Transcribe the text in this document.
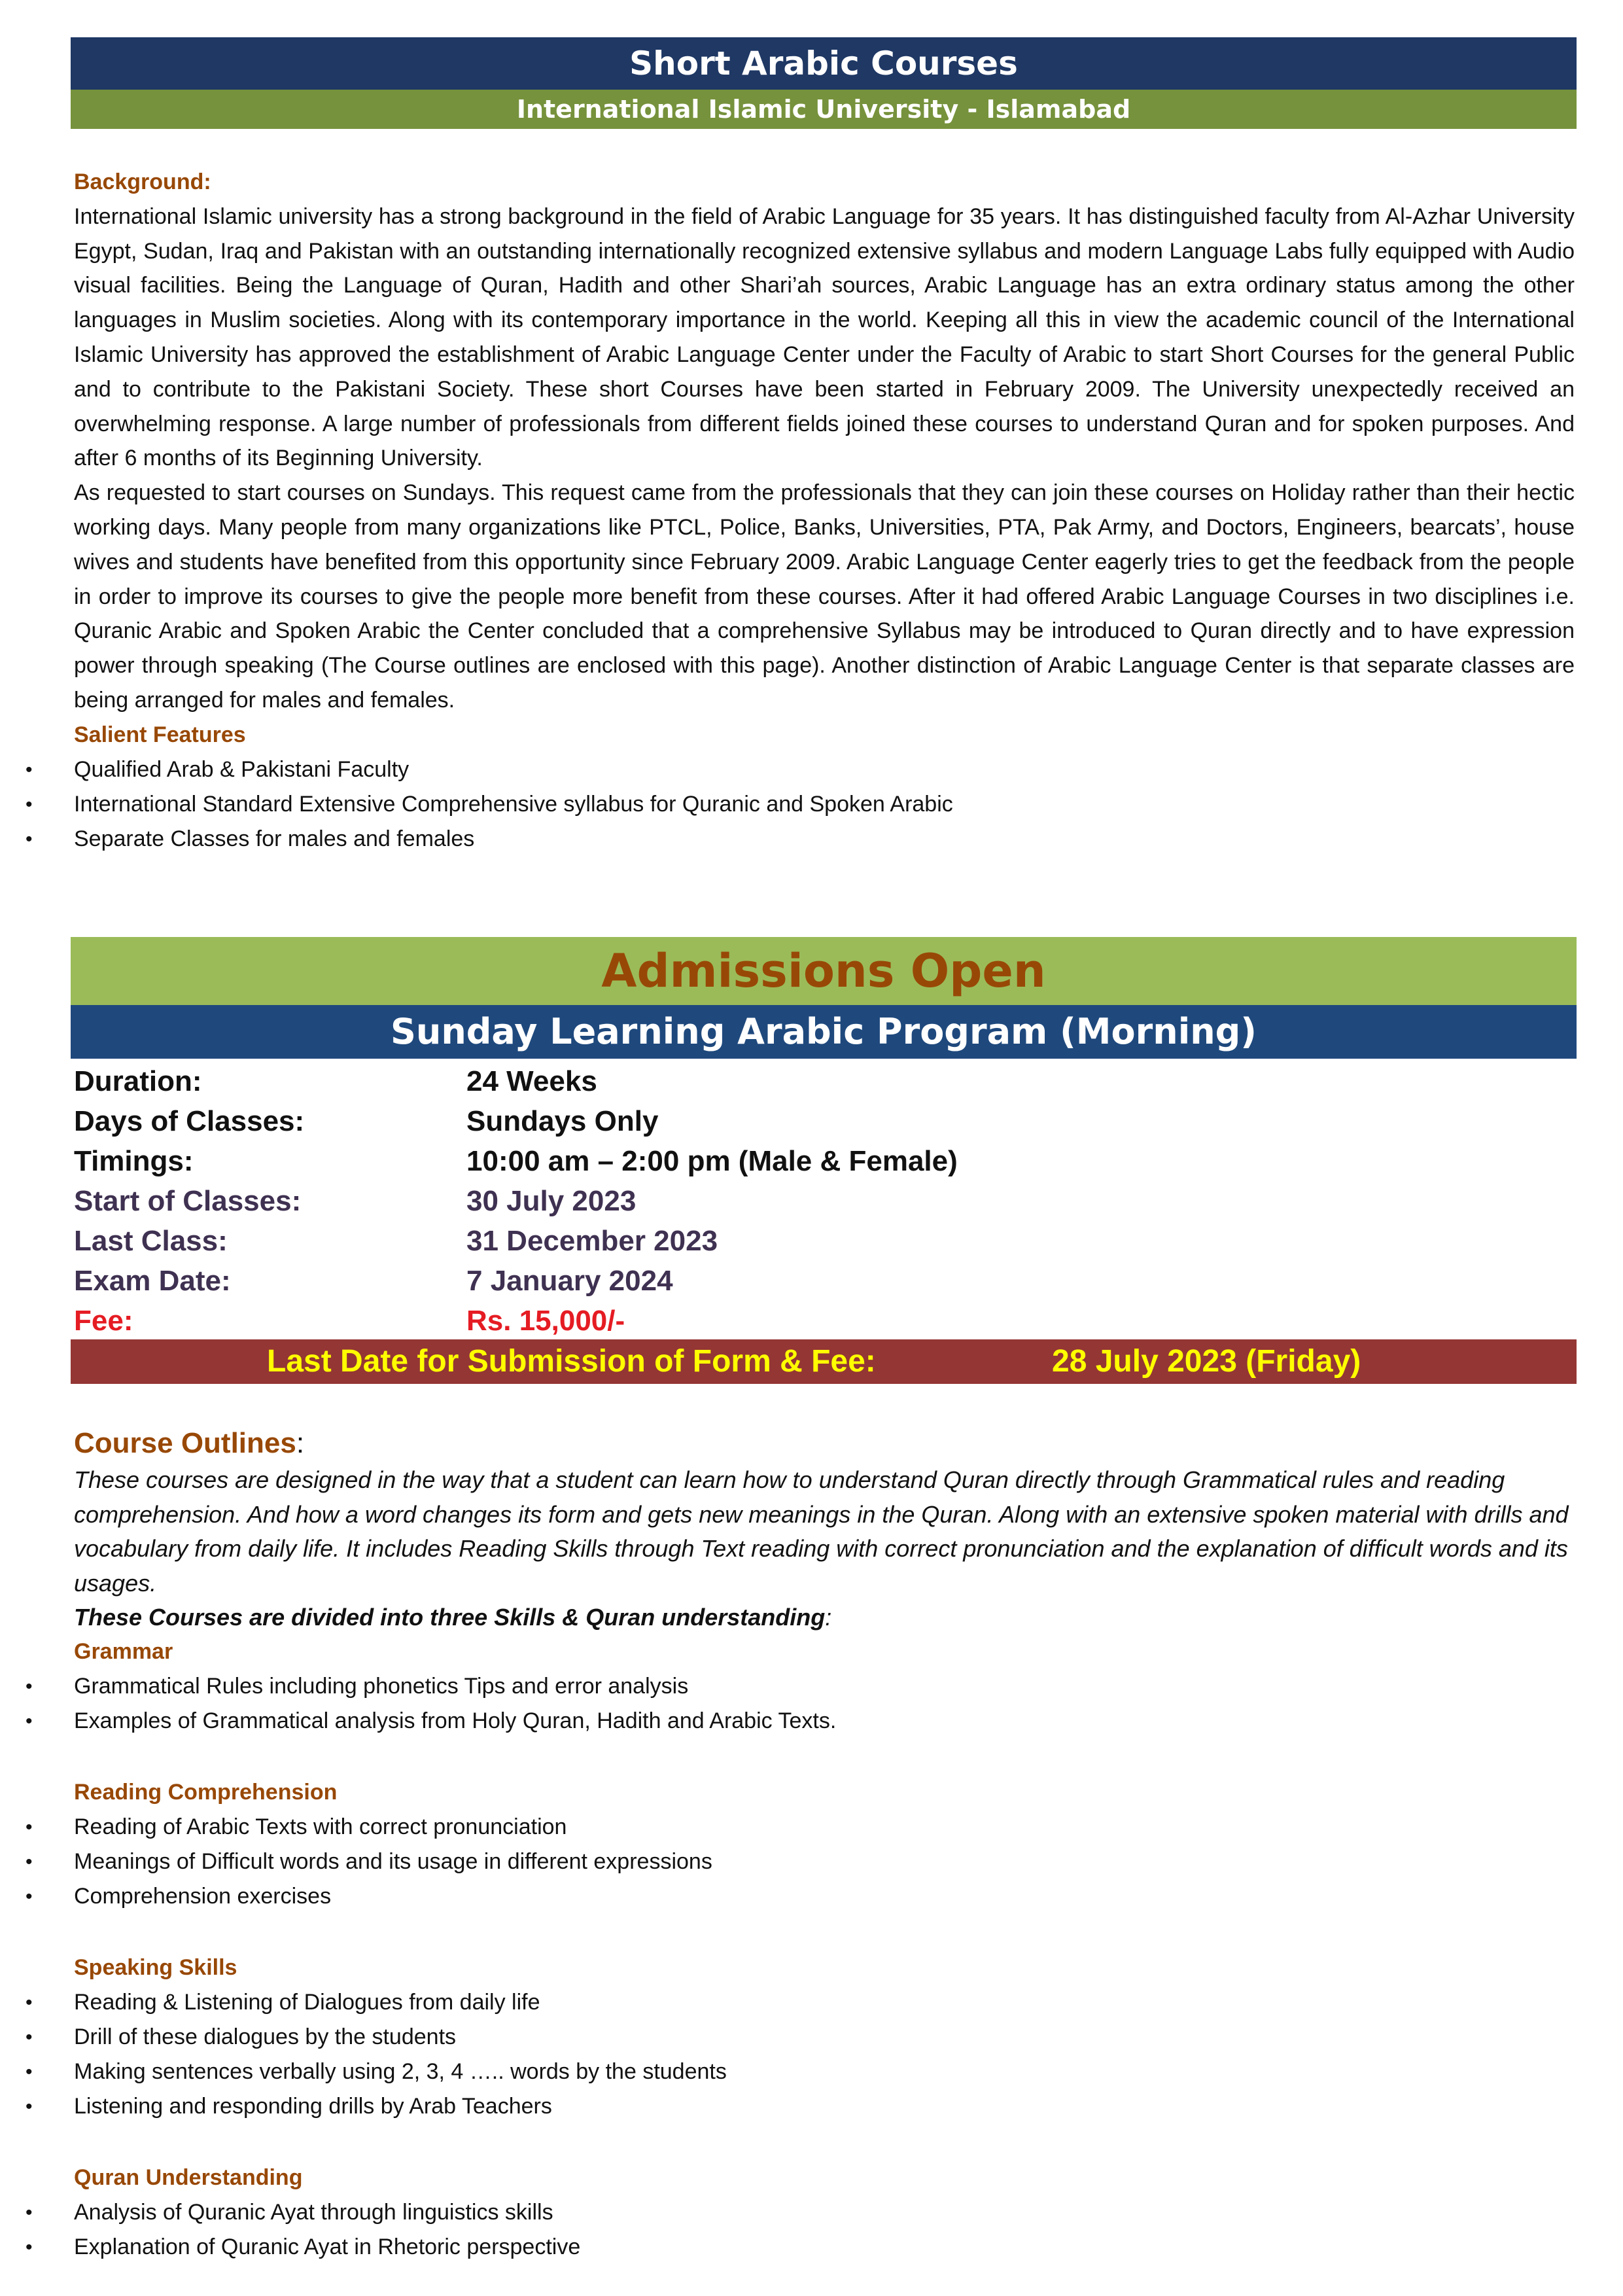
Short Arabic Courses
International Islamic University - Islamabad
Background:

International Islamic university has a strong background in the field of Arabic Language for 35 years. It has distinguished faculty from Al-Azhar University Egypt, Sudan, Iraq and Pakistan with an outstanding internationally recognized extensive syllabus and modern Language Labs fully equipped with Audio visual facilities. Being the Language of Quran, Hadith and other Shari’ah sources, Arabic Language has an extra ordinary status among the other languages in Muslim societies. Along with its contemporary importance in the world. Keeping all this in view the academic council of the International Islamic University has approved the establishment of Arabic Language Center under the Faculty of Arabic to start Short Courses for the general Public and to contribute to the Pakistani Society. These short Courses have been started in February 2009. The University unexpectedly received an overwhelming response. A large number of professionals from different fields joined these courses to understand Quran and for spoken purposes. And after 6 months of its Beginning University.

As requested to start courses on Sundays. This request came from the professionals that they can join these courses on Holiday rather than their hectic working days. Many people from many organizations like PTCL, Police, Banks, Universities, PTA, Pak Army, and Doctors, Engineers, bearcats’, house wives and students have benefited from this opportunity since February 2009. Arabic Language Center eagerly tries to get the feedback from the people in order to improve its courses to give the people more benefit from these courses. After it had offered Arabic Language Courses in two disciplines i.e. Quranic Arabic and Spoken Arabic the Center concluded that a comprehensive Syllabus may be introduced to Quran directly and to have expression power through speaking (The Course outlines are enclosed with this page). Another distinction of Arabic Language Center is that separate classes are being arranged for males and females.

Salient Features
• Qualified Arab & Pakistani Faculty
• International Standard Extensive Comprehensive syllabus for Quranic and Spoken Arabic
• Separate Classes for males and females
Admissions Open
Sunday Learning Arabic Program (Morning)
Duration:	24 Weeks
Days of Classes:	Sundays Only
Timings:	10:00 am – 2:00 pm (Male & Female)
Start of Classes:	30 July 2023
Last Class:	31 December 2023
Exam Date:	7 January 2024
Fee:	Rs. 15,000/-
Last Date for Submission of Form & Fee:	28 July 2023 (Friday)
Course Outlines:
These courses are designed in the way that a student can learn how to understand Quran directly through Grammatical rules and reading comprehension. And how a word changes its form and gets new meanings in the Quran. Along with an extensive spoken material with drills and vocabulary from daily life. It includes Reading Skills through Text reading with correct pronunciation and the explanation of difficult words and its usages.
These Courses are divided into three Skills & Quran understanding:
Grammar
• Grammatical Rules including phonetics Tips and error analysis
• Examples of Grammatical analysis from Holy Quran, Hadith and Arabic Texts.
Reading Comprehension
• Reading of Arabic Texts with correct pronunciation
• Meanings of Difficult words and its usage in different expressions
• Comprehension exercises
Speaking Skills
• Reading & Listening of Dialogues from daily life
• Drill of these dialogues by the students
• Making sentences verbally using 2, 3, 4 ….. words by the students
• Listening and responding drills by Arab Teachers
Quran Understanding
• Analysis of Quranic Ayat through linguistics skills
• Explanation of Quranic Ayat in Rhetoric perspective
